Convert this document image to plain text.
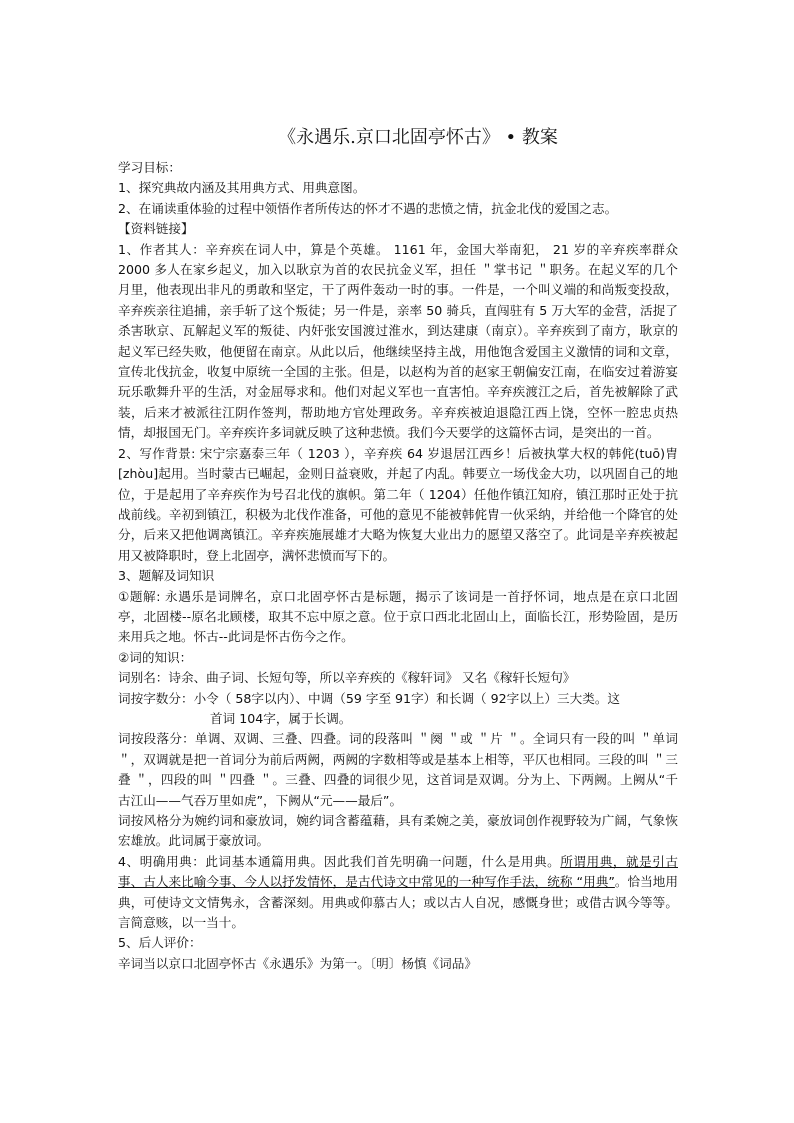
《永遇乐.京口北固亭怀古》 • 教案

学习目标：

1、探究典故内涵及其用典方式、用典意图。

2、在诵读重体验的过程中领悟作者所传达的怀才不遇的悲愤之情，抗金北伐的爱国之志。

【资料链接】

1、作者其人：辛弃疾在词人中，算是个英雄。 1161 年，金国大举南犯， 21 岁的辛弃疾率群众 2000 多人在家乡起义，加入以耿京为首的农民抗金义军，担任 ＂掌书记 ＂职务。在起义军的几个月里，他表现出非凡的勇敢和坚定，干了两件轰动一时的事。一件是，一个叫义端的和尚叛变投敌，辛弃疾亲往追捕，亲手斩了这个叛徒；另一件是，亲率 50 骑兵，直闯驻有 5 万大军的金营，活捉了杀害耿京、瓦解起义军的叛徒、内奸张安国渡过淮水，到达建康（南京）。辛弃疾到了南方，耿京的起义军已经失败，他便留在南京。从此以后，他继续坚持主战，用他饱含爱国主义激情的词和文章，宣传北伐抗金，收复中原统一全国的主张。但是，以赵构为首的赵家王朝偏安江南，在临安过着游宴玩乐歌舞升平的生活，对金屈辱求和。他们对起义军也一直害怕。辛弃疾渡江之后，首先被解除了武装，后来才被派往江阴作签判，帮助地方官处理政务。辛弃疾被迫退隐江西上饶，空怀一腔忠贞热情，却报国无门。辛弃疾许多词就反映了这种悲愤。我们今天要学的这篇怀古词，是突出的一首。

2、写作背景: 宋宁宗嘉泰三年（ 1203 ），辛弃疾 64 岁退居江西乡！后被执掌大权的韩侂(tuō)胄[zhòu]起用。当时蒙古已崛起，金则日益衰败，并起了内乱。韩要立一场伐金大功，以巩固自己的地位，于是起用了辛弃疾作为号召北伐的旗帜。第二年（ 1204）任他作镇江知府，镇江那时正处于抗战前线。辛初到镇江，积极为北伐作准备，可他的意见不能被韩侂胄一伙采纳，并给他一个降官的处分，后来又把他调离镇江。辛弃疾施展雄才大略为恢复大业出力的愿望又落空了。此词是辛弃疾被起用又被降职时，登上北固亭，满怀悲愤而写下的。

3、题解及词知识

①题解: 永遇乐是词牌名，京口北固亭怀古是标题，揭示了该词是一首抒怀词，地点是在京口北固亭，北固楼--原名北顾楼，取其不忘中原之意。位于京口西北北固山上，面临长江，形势险固，是历来用兵之地。怀古--此词是怀古伤今之作。

②词的知识：

词别名：诗余、曲子词、长短句等，所以辛弃疾的《稼轩词》 又名《稼轩长短句》

词按字数分：小令（ 58字以内）、中调（59 字至 91字）和长调（ 92字以上）三大类。这

首词 104字，属于长调。

词按段落分：单调、双调、三叠、四叠。词的段落叫 ＂阕 ＂或 ＂片 ＂。全词只有一段的叫 ＂单词 ＂，双调就是把一首词分为前后两阙，两阙的字数相等或是基本上相等，平仄也相同。三段的叫 ＂三叠 ＂，四段的叫 ＂四叠 ＂。三叠、四叠的词很少见，这首词是双调。分为上、下两阙。上阙从“千古江山——气吞万里如虎”，下阙从“元——最后”。

词按风格分为婉约词和豪放词，婉约词含蓄蕴藉，具有柔婉之美，豪放词创作视野较为广阔，气象恢宏雄放。此词属于豪放词。

4、明确用典：此词基本通篇用典。因此我们首先明确一问题，什么是用典。所谓用典，就是引古事、古人来比喻今事、今人以抒发情怀，是古代诗文中常见的一种写作手法，统称 “用典”。恰当地用典，可使诗文文情隽永，含蓄深刻。用典或仰慕古人；或以古人自况，感慨身世；或借古讽今等等。言简意赅，以一当十。

5、后人评价：

辛词当以京口北固亭怀古《永遇乐》为第一。〔明〕杨慎《词品》
